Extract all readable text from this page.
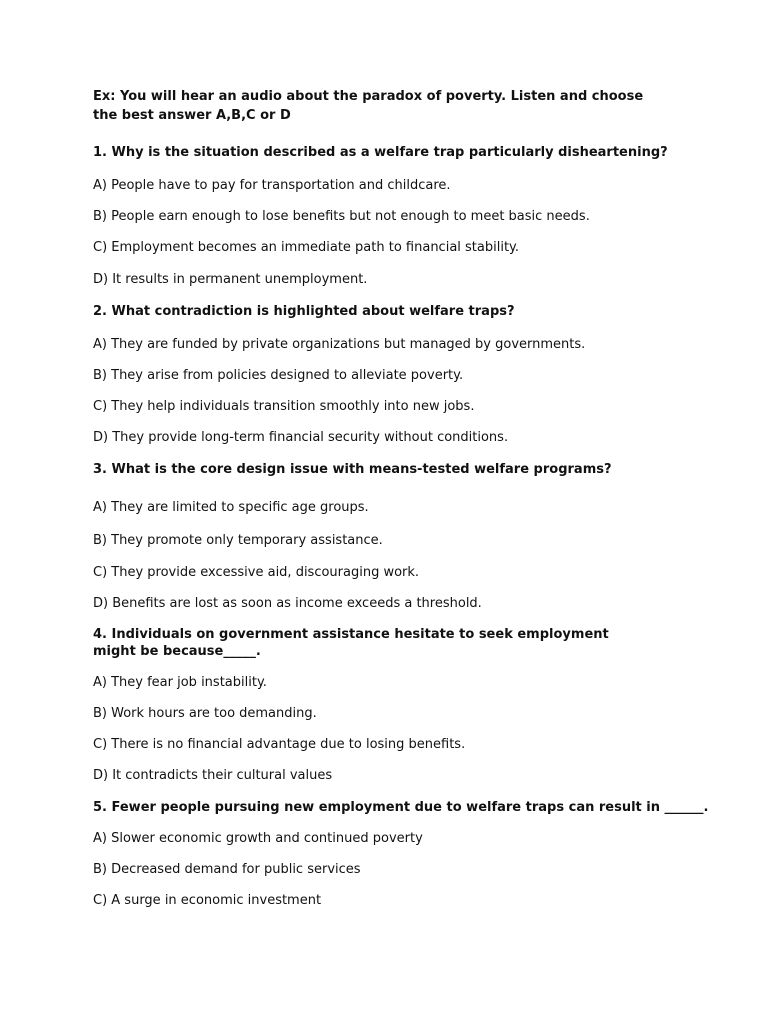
Ex: You will hear an audio about the paradox of poverty. Listen and choose the best answer A,B,C or D
1. Why is the situation described as a welfare trap particularly disheartening?
A) People have to pay for transportation and childcare.
B) People earn enough to lose benefits but not enough to meet basic needs.
C) Employment becomes an immediate path to financial stability.
D) It results in permanent unemployment.
2. What contradiction is highlighted about welfare traps?
A) They are funded by private organizations but managed by governments.
B) They arise from policies designed to alleviate poverty.
C) They help individuals transition smoothly into new jobs.
D) They provide long-term financial security without conditions.
3. What is the core design issue with means-tested welfare programs?
A) They are limited to specific age groups.
B) They promote only temporary assistance.
C) They provide excessive aid, discouraging work.
D) Benefits are lost as soon as income exceeds a threshold.
4. Individuals on government assistance hesitate to seek employment might be because_____.
A) They fear job instability.
B) Work hours are too demanding.
C) There is no financial advantage due to losing benefits.
D) It contradicts their cultural values
5. Fewer people pursuing new employment due to welfare traps can result in ______.
A) Slower economic growth and continued poverty
B) Decreased demand for public services
C) A surge in economic investment
